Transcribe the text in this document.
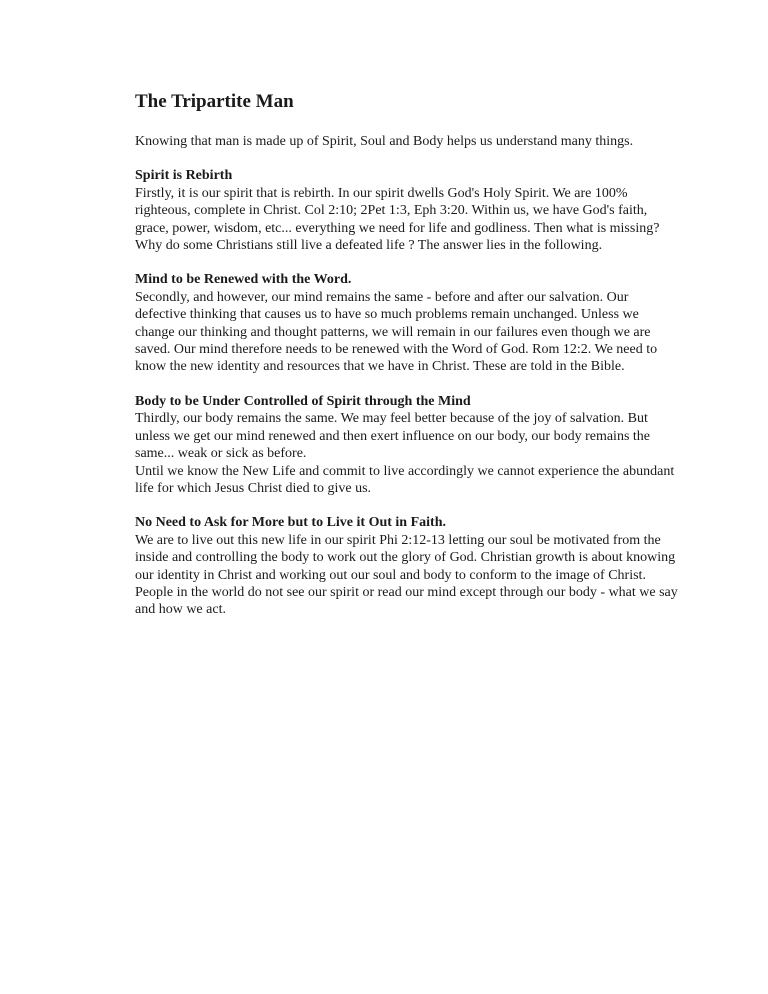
The Tripartite Man

Knowing that man is made up of Spirit, Soul and Body helps us understand many things.

Spirit is Rebirth

Firstly, it is our spirit that is rebirth. In our spirit dwells God's Holy Spirit. We are 100% righteous, complete in Christ. Col 2:10; 2Pet 1:3, Eph 3:20. Within us, we have God's faith, grace, power, wisdom, etc... everything we need for life and godliness. Then what is missing? Why do some Christians still live a defeated life ? The answer lies in the following.

Mind to be Renewed with the Word.

Secondly, and however, our mind remains the same - before and after our salvation. Our defective thinking that causes us to have so much problems remain unchanged. Unless we change our thinking and thought patterns, we will remain in our failures even though we are saved. Our mind therefore needs to be renewed with the Word of God. Rom 12:2. We need to know the new identity and resources that we have in Christ. These are told in the Bible.

Body to be Under Controlled of Spirit through the Mind

Thirdly, our body remains the same. We may feel better because of the joy of salvation. But unless we get our mind renewed and then exert influence on our body, our body remains the same... weak or sick as before.

Until we know the New Life and commit to live accordingly we cannot experience the abundant life for which Jesus Christ died to give us.

No Need to Ask for More but to Live it Out in Faith.

We are to live out this new life in our spirit Phi 2:12-13 letting our soul be motivated from the inside and controlling the body to work out the glory of God. Christian growth is about knowing our identity in Christ and working out our soul and body to conform to the image of Christ. People in the world do not see our spirit or read our mind except through our body - what we say and how we act.
